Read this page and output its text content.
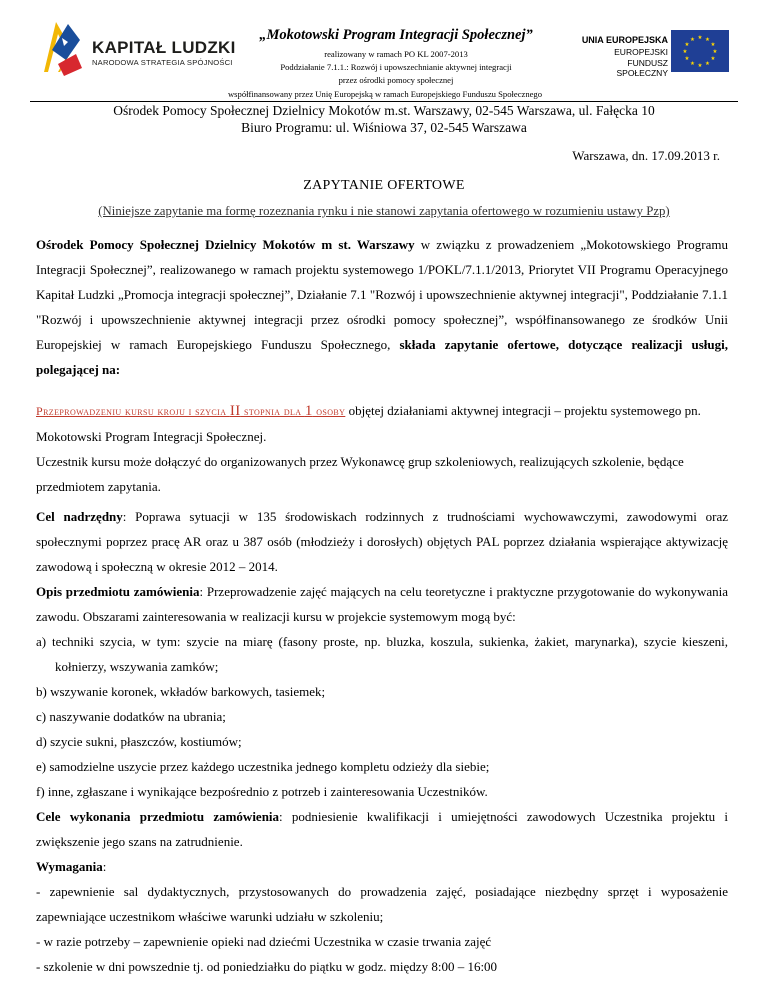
KAPITAŁ LUDZKI
NARODOWA STRATEGIA SPÓJNOŚCI
„Mokotowski Program Integracji Społecznej”
realizowany w ramach PO KL 2007-2013
Poddziałanie 7.1.1.: Rozwój i upowszechnianie aktywnej integracji
przez ośrodki pomocy społecznej
współfinansowany przez Unię Europejską w ramach Europejskiego Funduszu Społecznego
UNIA EUROPEJSKA
EUROPEJSKI
FUNDUSZ SPOŁECZNY
★ ★
★
★
★
★
★
★
★
★
★
★
Ośrodek Pomocy Społecznej Dzielnicy Mokotów m.st. Warszawy, 02-545 Warszawa, ul. Fałęcka 10
Biuro Programu: ul. Wiśniowa 37, 02-545 Warszawa
Warszawa, dn. 17.09.2013 r.
ZAPYTANIE OFERTOWE
(Niniejsze zapytanie ma formę rozeznania rynku i nie stanowi zapytania ofertowego w rozumieniu ustawy Pzp)

Ośrodek Pomocy Społecznej Dzielnicy Mokotów m st. Warszawy w związku z prowadzeniem „Mokotowskiego Programu Integracji Społecznej”, realizowanego w ramach projektu systemowego 1/POKL/7.1.1/2013, Priorytet VII Programu Operacyjnego Kapitał Ludzki „Promocja integracji społecznej”, Działanie 7.1 "Rozwój i upowszechnienie aktywnej integracji", Poddziałanie 7.1.1 "Rozwój i upowszechnienie aktywnej integracji przez ośrodki pomocy społecznej”, współfinansowanego ze środków Unii Europejskiej w ramach Europejskiego Funduszu Społecznego, składa zapytanie ofertowe, dotyczące realizacji usługi, polegającej na:

Przeprowadzeniu kursu kroju i szycia II stopnia dla 1 osoby objętej działaniami aktywnej integracji – projektu systemowego pn. Mokotowski Program Integracji Społecznej.

Uczestnik kursu może dołączyć do organizowanych przez Wykonawcę grup szkoleniowych, realizujących szkolenie, będące przedmiotem zapytania.

Cel nadrzędny: Poprawa sytuacji w 135 środowiskach rodzinnych z trudnościami wychowawczymi, zawodowymi oraz społecznymi poprzez pracę AR oraz u 387 osób (młodzieży i dorosłych) objętych PAL poprzez działania wspierające aktywizację zawodową i społeczną w okresie 2012 – 2014.

Opis przedmiotu zamówienia: Przeprowadzenie zajęć mających na celu teoretyczne i praktyczne przygotowanie do wykonywania zawodu. Obszarami zainteresowania w realizacji kursu w projekcie systemowym mogą być:

a) techniki szycia, w tym: szycie na miarę (fasony proste, np. bluzka, koszula, sukienka, żakiet, marynarka), szycie kieszeni, kołnierzy, wszywania zamków;

b) wszywanie koronek, wkładów barkowych, tasiemek;

c) naszywanie dodatków na ubrania;

d) szycie sukni, płaszczów, kostiumów;

e) samodzielne uszycie przez każdego uczestnika jednego kompletu odzieży dla siebie;

f) inne, zgłaszane i wynikające bezpośrednio z potrzeb i zainteresowania Uczestników.

Cele wykonania przedmiotu zamówienia: podniesienie kwalifikacji i umiejętności zawodowych Uczestnika projektu i zwiększenie jego szans na zatrudnienie.

Wymagania:

- zapewnienie sal dydaktycznych, przystosowanych do prowadzenia zajęć, posiadające niezbędny sprzęt i wyposażenie zapewniające uczestnikom właściwe warunki udziału w szkoleniu;

- w razie potrzeby – zapewnienie opieki nad dziećmi Uczestnika w czasie trwania zajęć

- szkolenie w dni powszednie tj. od poniedziałku do piątku w godz. między 8:00 – 16:00
